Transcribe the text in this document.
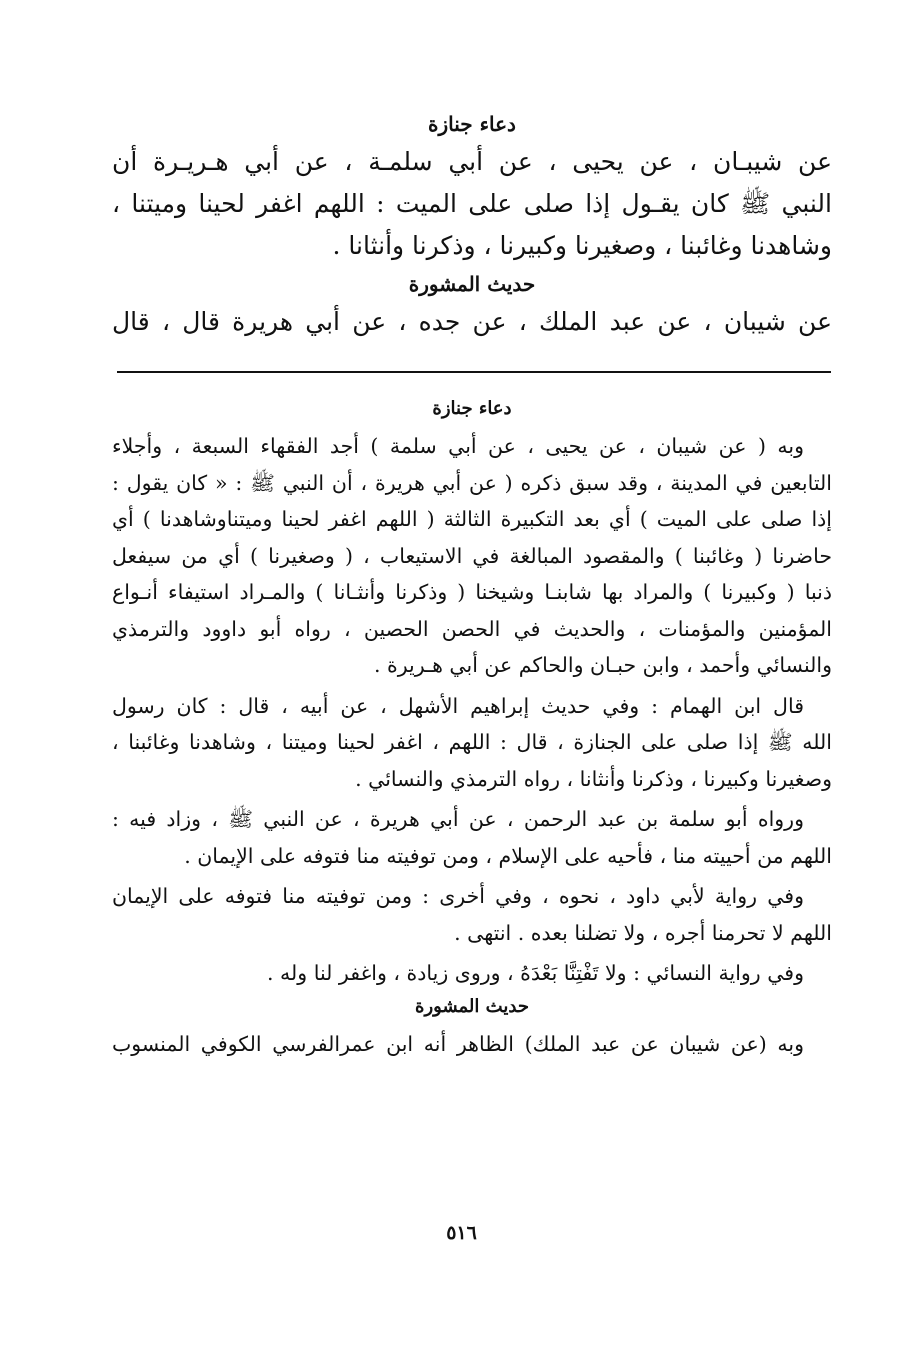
دعاء جنازة
عن شيبـان ، عن يحيى ، عن أبي سلمـة ، عن أبي هـريـرة أن
النبي ﷺ كان يقـول إذا صلى على الميت : اللهم اغفر لحينا وميتنا ،
وشاهدنا وغائبنا ، وصغيرنا وكبيرنا ، وذكرنا وأنثانا .
حديث المشورة
عن شيبان ، عن عبد الملك ، عن جده ، عن أبي هريرة قال ، قال
دعاء جنازة
وبه ( عن شيبان ، عن يحيى ، عن أبي سلمة ) أجد الفقهاء السبعة ، وأجلاء
التابعين في المدينة ، وقد سبق ذكره ( عن أبي هريرة ، أن النبي ﷺ : « كان يقول :
إذا صلى على الميت ) أي بعد التكبيرة الثالثة ( اللهم اغفر لحينا وميتناوشاهدنا ) أي
حاضرنا ( وغائبنا ) والمقصود المبالغة في الاستيعاب ، ( وصغيرنا ) أي من سيفعل
ذنبا ( وكبيرنا ) والمراد بها شابنـا وشيخنا ( وذكرنا وأنثـانا ) والمـراد استيفاء أنـواع
المؤمنين والمؤمنات ، والحديث في الحصن الحصين ، رواه أبو داوود والترمذي
والنسائي وأحمد ، وابن حبـان والحاكم عن أبي هـريرة .
قال ابن الهمام : وفي حديث إبراهيم الأشهل ، عن أبيه ، قال : كان رسول
الله ﷺ إذا صلى على الجنازة ، قال : اللهم ، اغفر لحينا وميتنا ، وشاهدنا وغائبنا ،
وصغيرنا وكبيرنا ، وذكرنا وأنثانا ، رواه الترمذي والنسائي .
ورواه أبو سلمة بن عبد الرحمن ، عن أبي هريرة ، عن النبي ﷺ ، وزاد فيه :
اللهم من أحييته منا ، فأحيه على الإسلام ، ومن توفيته منا فتوفه على الإيمان .
وفي رواية لأبي داود ، نحوه ، وفي أخرى : ومن توفيته منا فتوفه على الإيمان
اللهم لا تحرمنا أجره ، ولا تضلنا بعده . انتهى .
وفي رواية النسائي : ولا تَفْتِنَّا بَعْدَهُ ، وروى زيادة ، واغفر لنا وله .
حديث المشورة
وبه (عن شيبان عن عبد الملك) الظاهر أنه ابن عمرالفرسي الكوفي المنسوب
٥١٦
